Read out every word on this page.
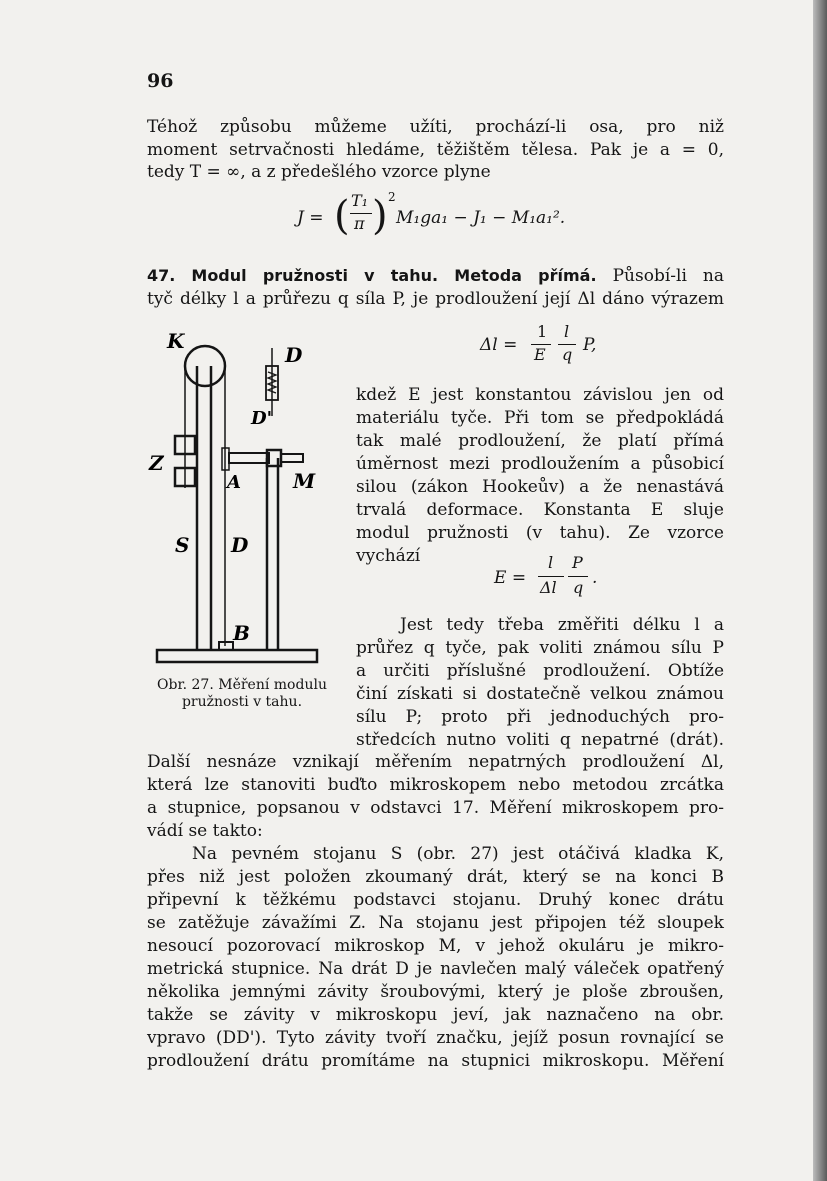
96
Téhož způsobu můžeme užíti, prochází-li osa, pro niž
moment setrvačnosti hledáme, těžištěm tělesa. Pak je a = 0,
tedy T = ∞, a z předešlého vzorce plyne
J = ( T₁
π ) 2
M₁ga₁ − J₁ − M₁a₁².
47. Modul pružnosti v tahu. Metoda přímá. Působí-li na
tyč délky l a průřezu q síla P, je prodloužení její Δl dáno výrazem
Δl =
1
E
l
q P,
kdež E jest konstantou závislou jen od
materiálu tyče. Při tom se předpokládá
tak malé prodloužení, že platí přímá
úměrnost mezi prodloužením a působicí
silou (zákon Hookeův) a že nenastává
trvalá deformace. Konstanta E sluje
modul pružnosti (v tahu). Ze vzorce
vychází
E =
l
Δl
P
q .
Jest tedy třeba změřiti délku l a
průřez q tyče, pak voliti známou sílu P
a určiti příslušné prodloužení. Obtíže
činí získati si dostatečně velkou známou
sílu P; proto při jednoduchých pro-
středcích nutno voliti q nepatrné (drát).
K
D
D'
Z
A	M
S D
B
Obr. 27. Měření modulu
pružnosti v tahu.
Další nesnáze vznikají měřením nepatrných prodloužení Δl,
která lze stanoviti buďto mikroskopem nebo metodou zrcátka
a stupnice, popsanou v odstavci 17. Měření mikroskopem pro-
vádí se takto:
Na pevném stojanu S (obr. 27) jest otáčivá kladka K,
přes niž jest položen zkoumaný drát, který se na konci B
připevní k těžkému podstavci stojanu. Druhý konec drátu
se zatěžuje závažími Z. Na stojanu jest připojen též sloupek
nesoucí pozorovací mikroskop M, v jehož okuláru je mikro-
metrická stupnice. Na drát D je navlečen malý váleček opatřený
několika jemnými závity šroubovými, který je ploše zbroušen,
takže se závity v mikroskopu jeví, jak naznačeno na obr.
vpravo (DD'). Tyto závity tvoří značku, jejíž posun rovnající se
prodloužení drátu promítáme na stupnici mikroskopu. Měření
